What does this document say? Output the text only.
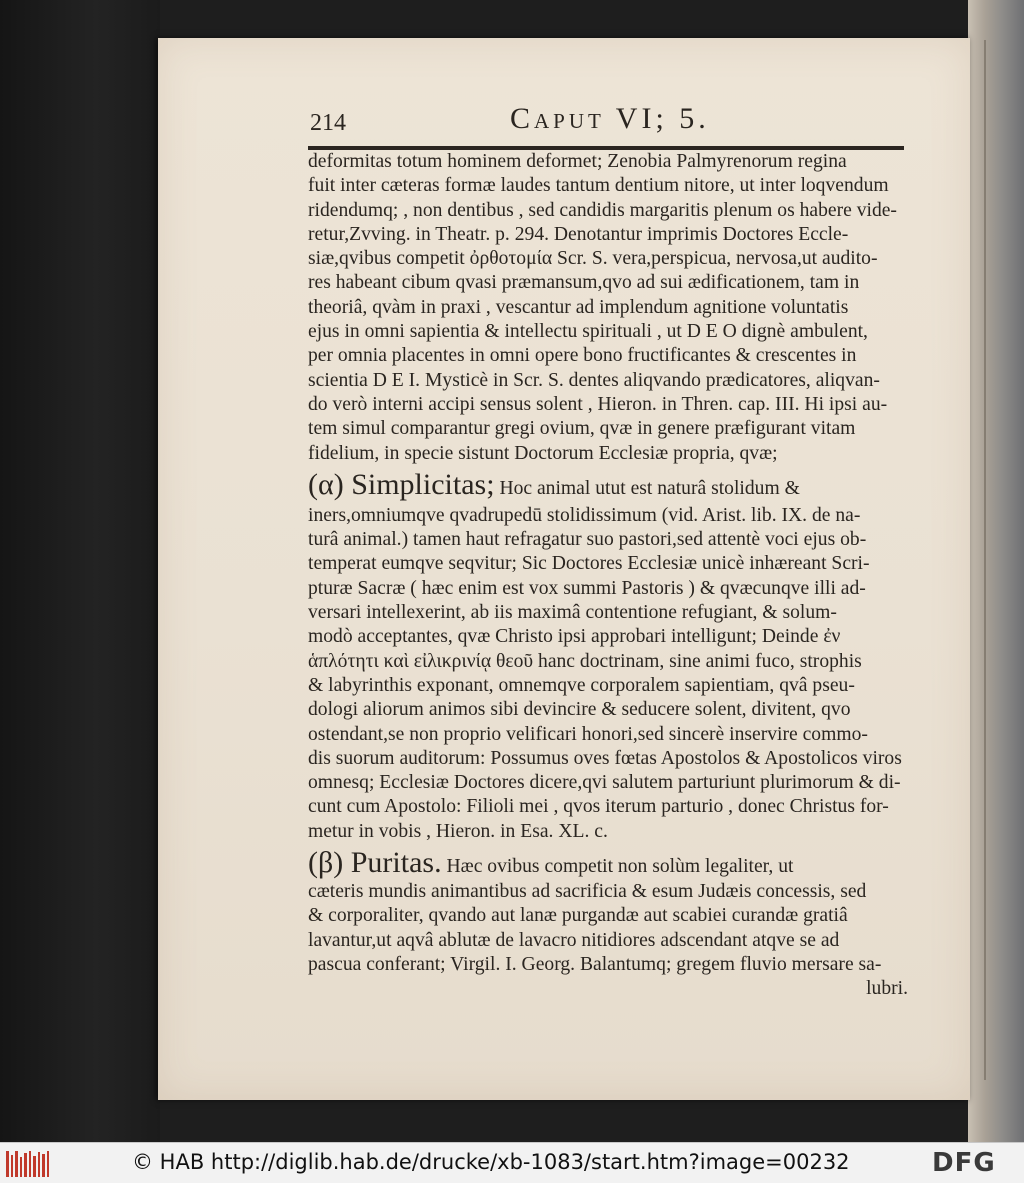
214	Caput VI; 5.
deformitas totum hominem deformet; Zenobia Palmyrenorum regina
fuit inter cæteras formæ laudes tantum dentium nitore, ut inter loqvendum
ridendumq; , non dentibus , sed candidis margaritis plenum os habere vide-
retur,Zvving. in Theatr. p. 294. Denotantur imprimis Doctores Eccle-
siæ,qvibus competit ὀρθοτομία Scr. S. vera,perspicua, nervosa,ut audito-
res habeant cibum qvasi præmansum,qvo ad sui ædificationem, tam in
theoriâ, qvàm in praxi , vescantur ad implendum agnitione voluntatis
ejus in omni sapientia & intellectu spirituali , ut D E O dignè ambulent,
per omnia placentes in omni opere bono fructificantes & crescentes in
scientia D E I. Mysticè in Scr. S. dentes aliqvando prædicatores, aliqvan-
do verò interni accipi sensus solent , Hieron. in Thren. cap. III. Hi ipsi au-
tem simul comparantur gregi ovium, qvæ in genere præfigurant vitam
fidelium, in specie sistunt Doctorum Ecclesiæ propria, qvæ;
(α) Simplicitas; Hoc animal utut est naturâ stolidum &
iners,omniumqve qvadrupedū stolidissimum (vid. Arist. lib. IX. de na-
turâ animal.) tamen haut refragatur suo pastori,sed attentè voci ejus ob-
temperat eumqve seqvitur; Sic Doctores Ecclesiæ unicè inhæreant Scri-
pturæ Sacræ ( hæc enim est vox summi Pastoris ) & qvæcunqve illi ad-
versari intellexerint, ab iis maximâ contentione refugiant, & solum-
modò acceptantes, qvæ Christo ipsi approbari intelligunt; Deinde ἐν
ἁπλότητι καὶ εἰλικρινίᾳ θεοῦ hanc doctrinam, sine animi fuco, strophis
& labyrinthis exponant, omnemqve corporalem sapientiam, qvâ pseu-
dologi aliorum animos sibi devincire & seducere solent, divitent, qvo
ostendant,se non proprio velificari honori,sed sincerè inservire commo-
dis suorum auditorum: Possumus oves fœtas Apostolos & Apostolicos viros
omnesq; Ecclesiæ Doctores dicere,qvi salutem parturiunt plurimorum & di-
cunt cum Apostolo: Filioli mei , qvos iterum parturio , donec Christus for-
metur in vobis , Hieron. in Esa. XL. c.
(β) Puritas. Hæc ovibus competit non solùm legaliter, ut
cæteris mundis animantibus ad sacrificia & esum Judæis concessis, sed
& corporaliter, qvando aut lanæ purgandæ aut scabiei curandæ gratiâ
lavantur,ut aqvâ ablutæ de lavacro nitidiores adscendant atqve se ad
pascua conferant; Virgil. I. Georg. Balantumq; gregem fluvio mersare sa-
lubri.
© HAB http://diglib.hab.de/drucke/xb-1083/start.htm?image=00232	DFG
